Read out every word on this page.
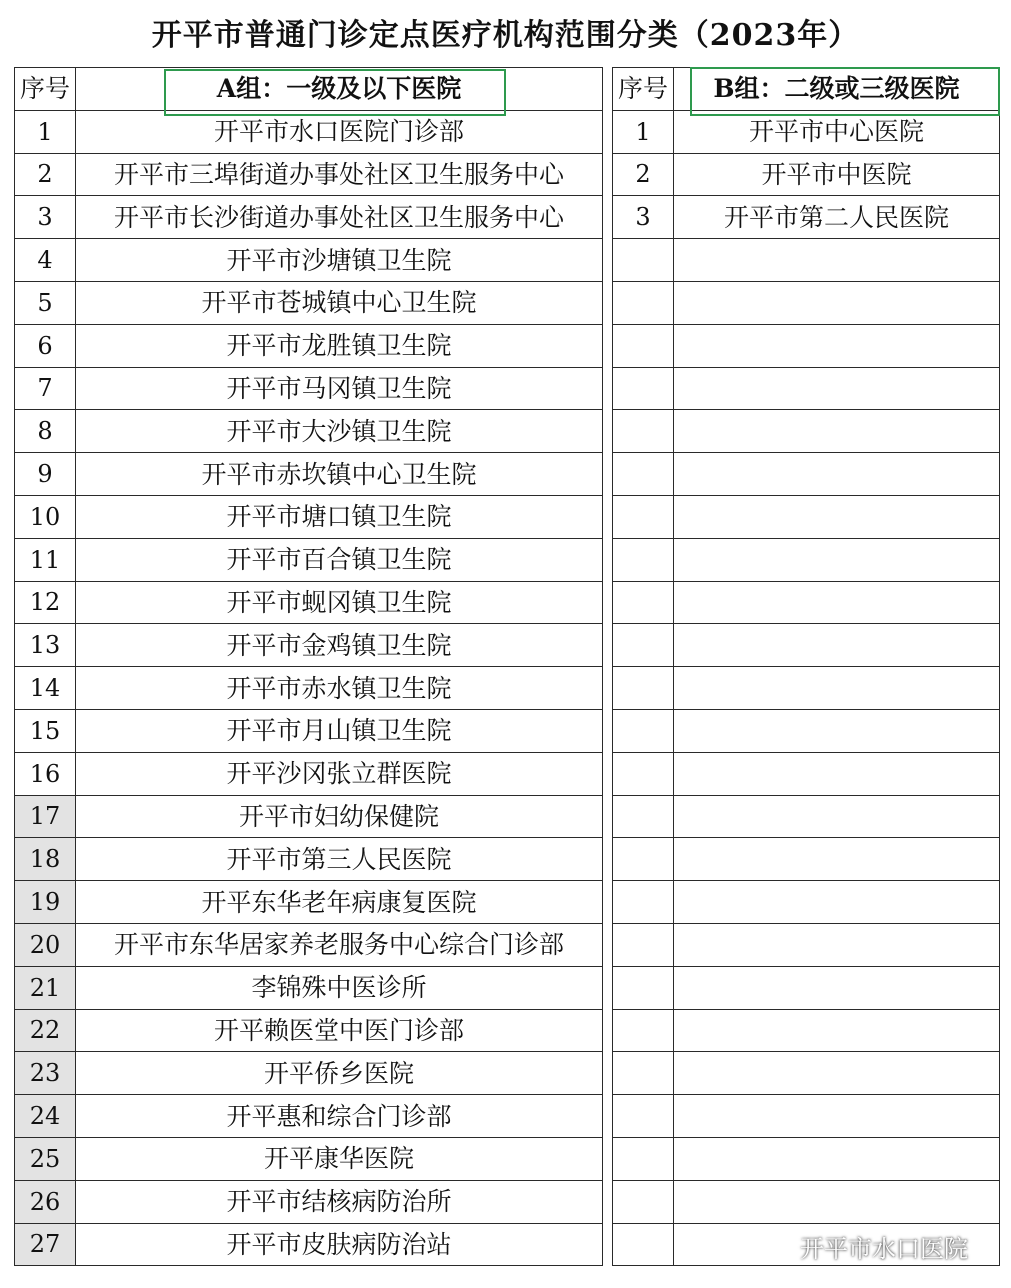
开平市普通门诊定点医疗机构范围分类（2023年）
序号	A组：一级及以下医院
1	开平市水口医院门诊部
2	开平市三埠街道办事处社区卫生服务中心
3	开平市长沙街道办事处社区卫生服务中心
4	开平市沙塘镇卫生院
5	开平市苍城镇中心卫生院
6	开平市龙胜镇卫生院
7	开平市马冈镇卫生院
8	开平市大沙镇卫生院
9	开平市赤坎镇中心卫生院
10	开平市塘口镇卫生院
11	开平市百合镇卫生院
12	开平市蚬冈镇卫生院
13	开平市金鸡镇卫生院
14	开平市赤水镇卫生院
15	开平市月山镇卫生院
16	开平沙冈张立群医院
17	开平市妇幼保健院
18	开平市第三人民医院
19	开平东华老年病康复医院
20	开平市东华居家养老服务中心综合门诊部
21	李锦殊中医诊所
22	开平赖医堂中医门诊部
23	开平侨乡医院
24	开平惠和综合门诊部
25	开平康华医院
26	开平市结核病防治所
27	开平市皮肤病防治站
序号	B组：二级或三级医院
1	开平市中心医院
2	开平市中医院
3	开平市第二人民医院

开平市水口医院
